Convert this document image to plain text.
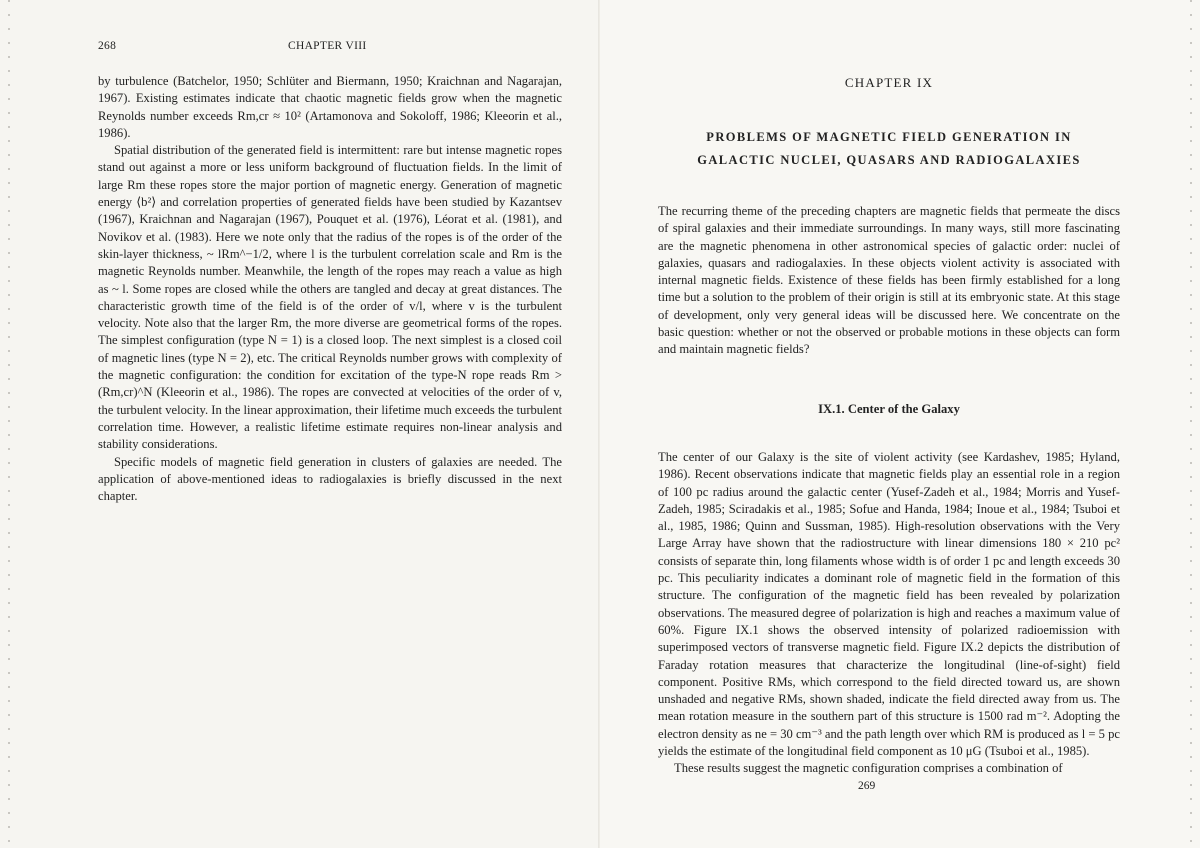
268	CHAPTER VIII

by turbulence (Batchelor, 1950; Schlüter and Biermann, 1950; Kraichnan and Nagarajan, 1967). Existing estimates indicate that chaotic magnetic fields grow when the magnetic Reynolds number exceeds Rm,cr ≈ 10² (Artamonova and Sokoloff, 1986; Kleeorin et al., 1986).

Spatial distribution of the generated field is intermittent: rare but intense magnetic ropes stand out against a more or less uniform background of fluctuation fields. In the limit of large Rm these ropes store the major portion of magnetic energy. Generation of magnetic energy ⟨b²⟩ and correlation properties of generated fields have been studied by Kazantsev (1967), Kraichnan and Nagarajan (1967), Pouquet et al. (1976), Léorat et al. (1981), and Novikov et al. (1983). Here we note only that the radius of the ropes is of the order of the skin-layer thickness, ~ lRm^−1/2, where l is the turbulent correlation scale and Rm is the magnetic Reynolds number. Meanwhile, the length of the ropes may reach a value as high as ~ l. Some ropes are closed while the others are tangled and decay at great distances. The characteristic growth time of the field is of the order of v/l, where v is the turbulent velocity. Note also that the larger Rm, the more diverse are geometrical forms of the ropes. The simplest configuration (type N = 1) is a closed loop. The next simplest is a closed coil of magnetic lines (type N = 2), etc. The critical Reynolds number grows with complexity of the magnetic configuration: the condition for excitation of the type-N rope reads Rm > (Rm,cr)^N (Kleeorin et al., 1986). The ropes are convected at velocities of the order of v, the turbulent velocity. In the linear approximation, their lifetime much exceeds the turbulent correlation time. However, a realistic lifetime estimate requires non-linear analysis and stability considerations.

Specific models of magnetic field generation in clusters of galaxies are needed. The application of above-mentioned ideas to radiogalaxies is briefly discussed in the next chapter.

CHAPTER IX
PROBLEMS OF MAGNETIC FIELD GENERATION IN
GALACTIC NUCLEI, QUASARS AND RADIOGALAXIES

The recurring theme of the preceding chapters are magnetic fields that permeate the discs of spiral galaxies and their immediate surroundings. In many ways, still more fascinating are the magnetic phenomena in other astronomical species of galactic order: nuclei of galaxies, quasars and radiogalaxies. In these objects violent activity is associated with internal magnetic fields. Existence of these fields has been firmly established for a long time but a solution to the problem of their origin is still at its embryonic state. At this stage of development, only very general ideas will be discussed here. We concentrate on the basic question: whether or not the observed or probable motions in these objects can form and maintain magnetic fields?

IX.1. Center of the Galaxy

The center of our Galaxy is the site of violent activity (see Kardashev, 1985; Hyland, 1986). Recent observations indicate that magnetic fields play an essential role in a region of 100 pc radius around the galactic center (Yusef-Zadeh et al., 1984; Morris and Yusef-Zadeh, 1985; Sciradakis et al., 1985; Sofue and Handa, 1984; Inoue et al., 1984; Tsuboi et al., 1985, 1986; Quinn and Sussman, 1985). High-resolution observations with the Very Large Array have shown that the radiostructure with linear dimensions 180 × 210 pc² consists of separate thin, long filaments whose width is of order 1 pc and length exceeds 30 pc. This peculiarity indicates a dominant role of magnetic field in the formation of this structure. The configuration of the magnetic field has been revealed by polarization observations. The measured degree of polarization is high and reaches a maximum value of 60%. Figure IX.1 shows the observed intensity of polarized radioemission with superimposed vectors of transverse magnetic field. Figure IX.2 depicts the distribution of Faraday rotation measures that characterize the longitudinal (line-of-sight) field component. Positive RMs, which correspond to the field directed toward us, are shown unshaded and negative RMs, shown shaded, indicate the field directed away from us. The mean rotation measure in the southern part of this structure is 1500 rad m⁻². Adopting the electron density as ne = 30 cm⁻³ and the path length over which RM is produced as l = 5 pc yields the estimate of the longitudinal field component as 10 μG (Tsuboi et al., 1985).

These results suggest the magnetic configuration comprises a combination of

269
